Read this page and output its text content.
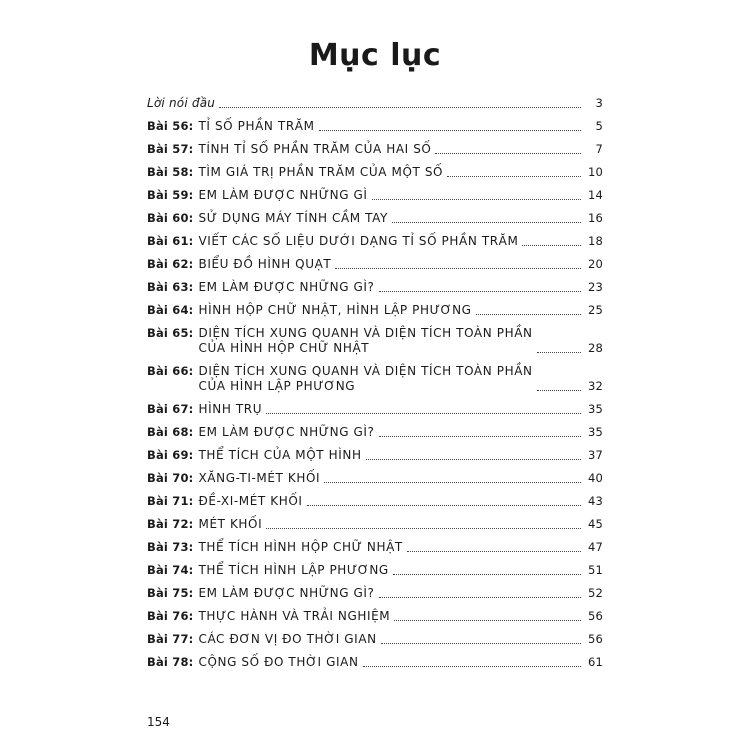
Mục lục
Lời nói đầu	3
Bài 56: TỈ SỐ PHẦN TRĂM	5
Bài 57: TÍNH TỈ SỐ PHẦN TRĂM CỦA HAI SỐ	7
Bài 58: TÌM GIÁ TRỊ PHẦN TRĂM CỦA MỘT SỐ	10
Bài 59: EM LÀM ĐƯỢC NHỮNG GÌ	14
Bài 60: SỬ DỤNG MÁY TÍNH CẦM TAY	16
Bài 61: VIẾT CÁC SỐ LIỆU DƯỚI DẠNG TỈ SỐ PHẦN TRĂM	18
Bài 62: BIỂU ĐỒ HÌNH QUẠT	20
Bài 63: EM LÀM ĐƯỢC NHỮNG GÌ?	23
Bài 64: HÌNH HỘP CHỮ NHẬT, HÌNH LẬP PHƯƠNG	25
Bài 65: DIỆN TÍCH XUNG QUANH VÀ DIỆN TÍCH TOÀN PHẦN
CỦA HÌNH HỘP CHỮ NHẬT	28
Bài 66: DIỆN TÍCH XUNG QUANH VÀ DIỆN TÍCH TOÀN PHẦN
CỦA HÌNH LẬP PHƯƠNG	32
Bài 67: HÌNH TRỤ	35
Bài 68: EM LÀM ĐƯỢC NHỮNG GÌ?	35
Bài 69: THỂ TÍCH CỦA MỘT HÌNH	37
Bài 70: XĂNG-TI-MÉT KHỐI	40
Bài 71: ĐỀ-XI-MÉT KHỐI	43
Bài 72: MÉT KHỐI	45
Bài 73: THỂ TÍCH HÌNH HỘP CHỮ NHẬT	47
Bài 74: THỂ TÍCH HÌNH LẬP PHƯƠNG	51
Bài 75: EM LÀM ĐƯỢC NHỮNG GÌ?	52
Bài 76: THỰC HÀNH VÀ TRẢI NGHIỆM	56
Bài 77: CÁC ĐƠN VỊ ĐO THỜI GIAN	56
Bài 78: CỘNG SỐ ĐO THỜI GIAN	61
154
